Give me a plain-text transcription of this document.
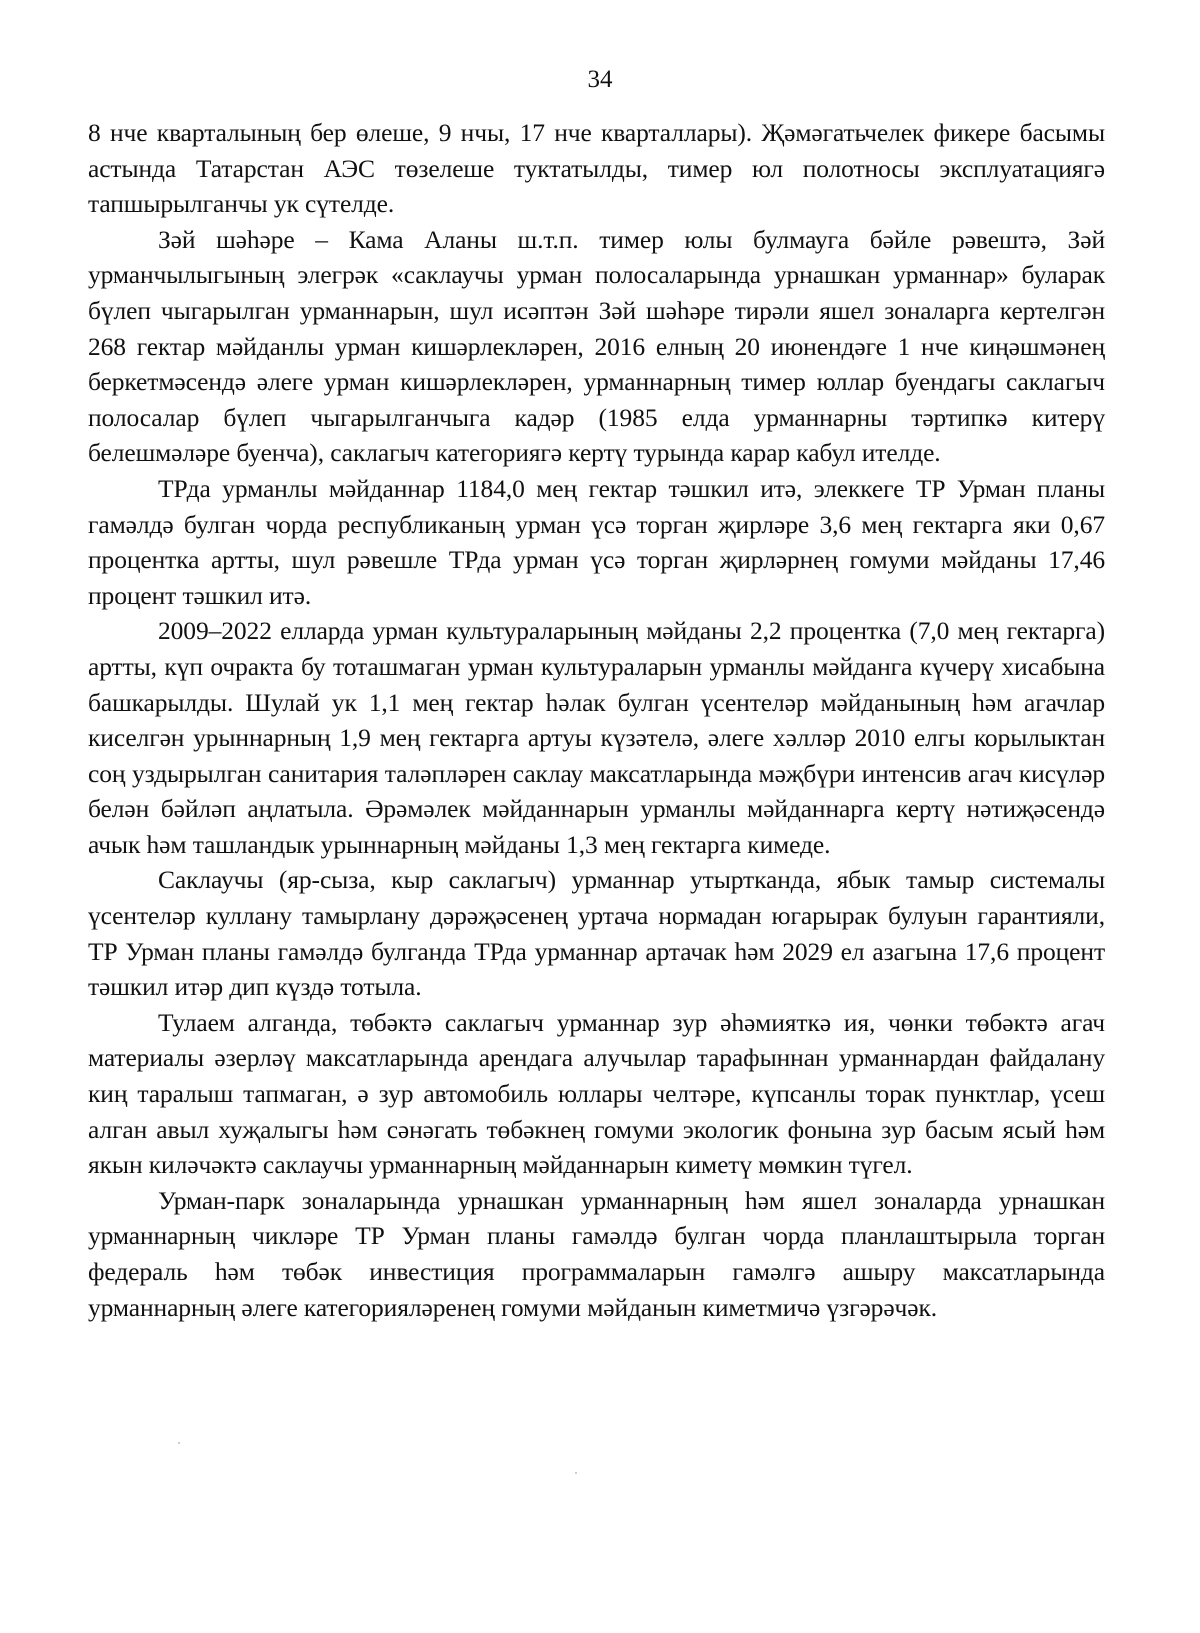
34

8 нче кварталының бер өлеше, 9 нчы, 17 нче кварталлары). Җәмәгатьчелек фикере басымы астында Татарстан АЭС төзелеше туктатылды, тимер юл полотносы эксплуатациягә тапшырылганчы ук сүтелде.

Зәй шәһәре – Кама Аланы ш.т.п. тимер юлы булмауга бәйле рәвештә, Зәй урманчылыгының элегрәк «саклаучы урман полосаларында урнашкан урманнар» буларак бүлеп чыгарылган урманнарын, шул исәптән Зәй шәһәре тирәли яшел зоналарга кертелгән 268 гектар мәйданлы урман кишәрлекләрен, 2016 елның 20 июнендәге 1 нче киңәшмәнең беркетмәсендә әлеге урман кишәрлекләрен, урманнарның тимер юллар буендагы саклагыч полосалар бүлеп чыгарылганчыга кадәр (1985 елда урманнарны тәртипкә китерү белешмәләре буенча), саклагыч категориягә кертү турында карар кабул ителде.

ТРда урманлы мәйданнар 1184,0 мең гектар тәшкил итә, элеккеге ТР Урман планы гамәлдә булган чорда республиканың урман үсә торган җирләре 3,6 мең гектарга яки 0,67 процентка артты, шул рәвешле ТРда урман үсә торган җирләрнең гомуми мәйданы 17,46 процент тәшкил итә.

2009–2022 елларда урман культураларының мәйданы 2,2 процентка (7,0 мең гектарга) артты, күп очракта бу тоташмаган урман культураларын урманлы мәйданга күчерү хисабына башкарылды. Шулай ук 1,1 мең гектар һәлак булган үсентеләр мәйданының һәм агачлар киселгән урыннарның 1,9 мең гектарга артуы күзәтелә, әлеге хәлләр 2010 елгы корылыктан соң уздырылган санитария таләпләрен саклау максатларында мәҗбүри интенсив агач кисүләр белән бәйләп аңлатыла. Әрәмәлек мәйданнарын урманлы мәйданнарга кертү нәтиҗәсендә ачык һәм ташландык урыннарның мәйданы 1,3 мең гектарга кимеде.

Саклаучы (яр-сыза, кыр саклагыч) урманнар утыртканда, ябык тамыр системалы үсентеләр куллану тамырлану дәрәҗәсенең уртача нормадан югарырак булуын гарантияли, ТР Урман планы гамәлдә булганда ТРда урманнар артачак һәм 2029 ел азагына 17,6 процент тәшкил итәр дип күздә тотыла.

Тулаем алганда, төбәктә саклагыч урманнар зур әһәмияткә ия, чөнки төбәктә агач материалы әзерләү максатларында арендага алучылар тарафыннан урманнардан файдалану киң таралыш тапмаган, ә зур автомобиль юллары челтәре, күпсанлы торак пунктлар, үсеш алган авыл хуҗалыгы һәм сәнәгать төбәкнең гомуми экологик фонына зур басым ясый һәм якын киләчәктә саклаучы урманнарның мәйданнарын киметү мөмкин түгел.

Урман-парк зоналарында урнашкан урманнарның һәм яшел зоналарда урнашкан урманнарның чикләре ТР Урман планы гамәлдә булган чорда планлаштырыла торган федераль һәм төбәк инвестиция программаларын гамәлгә ашыру максатларында урманнарның әлеге категорияләренең гомуми мәйданын киметмичә үзгәрәчәк.
